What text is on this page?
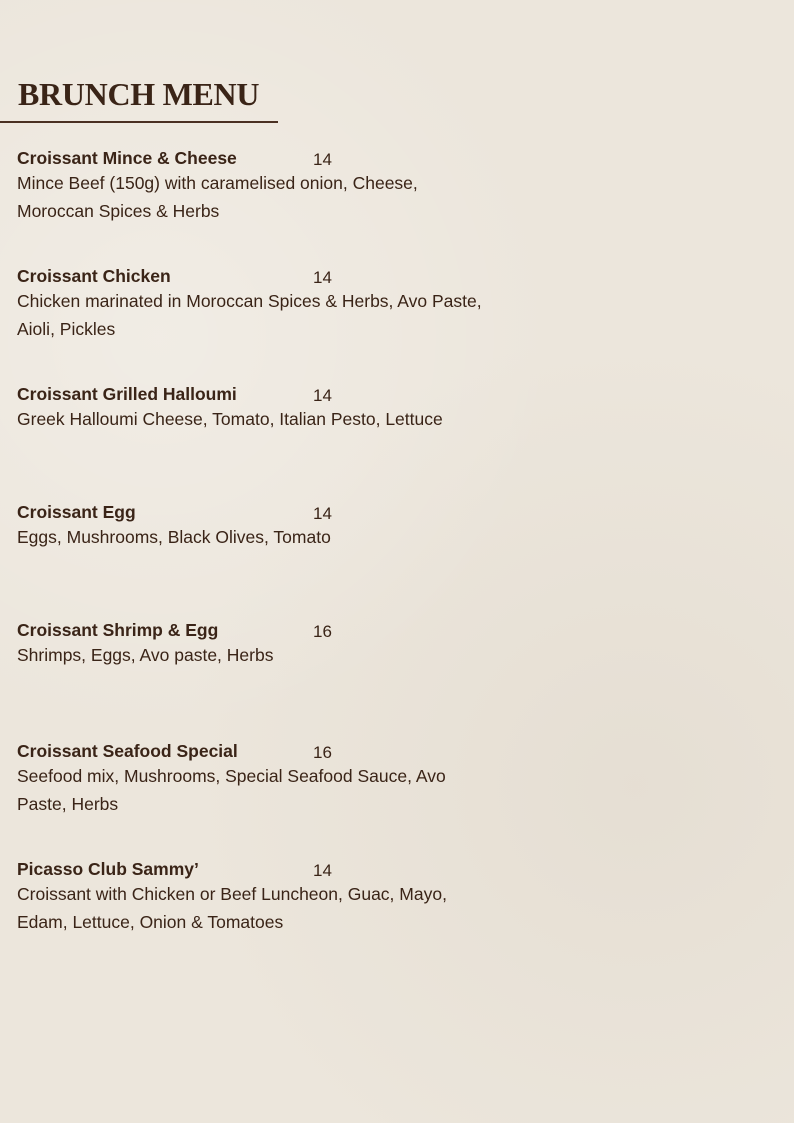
BRUNCH MENU
Croissant Mince & Cheese	14
Mince Beef (150g) with caramelised onion, Cheese, Moroccan Spices & Herbs
Croissant Chicken	14
Chicken marinated in Moroccan Spices & Herbs, Avo Paste, Aioli, Pickles
Croissant Grilled Halloumi	14
Greek Halloumi Cheese, Tomato, Italian Pesto, Lettuce
Croissant Egg	14
Eggs, Mushrooms, Black Olives, Tomato
Croissant Shrimp & Egg	16
Shrimps, Eggs, Avo paste, Herbs
Croissant Seafood Special	16
Seefood mix, Mushrooms, Special Seafood Sauce, Avo Paste, Herbs
Picasso Club Sammy’	14
Croissant with Chicken or Beef Luncheon, Guac, Mayo, Edam, Lettuce, Onion & Tomatoes
